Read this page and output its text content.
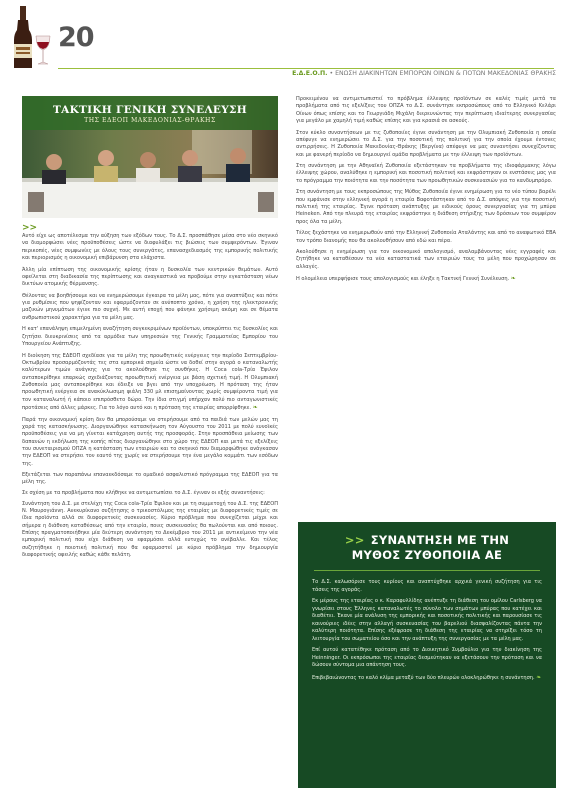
20
Ε.Δ.Ε.Ο.Π. • ΕΝΩΣΗ ΔΙΑΚΙΝΗΤΩΝ ΕΜΠΟΡΩΝ ΟΙΝΩΝ & ΠΟΤΩΝ ΜΑΚΕΔΟΝΙΑΣ ΘΡΑΚΗΣ
ΤΑΚΤΙΚΗ ΓΕΝΙΚΗ ΣΥΝΕΛΕΥΣΗ
ΤΗΣ ΕΔΕΟΠ ΜΑΚΕΔΟΝΙΑΣ-ΘΡΑΚΗΣ
>>

Αυτό είχε ως αποτέλεσμα την αύξηση των εξόδων τους. Το Δ.Σ. προσπάθησε μέσα στο νέο σκηνικό να διαμορφώσει νέες προϋποθέσεις ώστε να διαφυλάξει τις βιώσεις των συμφερόντων. Έγιναν περικοπές, νέες συμφωνίες με όλους τους συνεργάτες, επανασχεδιασμός της εμπορικής πολιτικής και περιορισμός η οικονομική επιβάρυνση στα ελάχιστα.

Άλλη μία επίπτωση της οικονομικής κρίσης ήταν η δυσκολία των κεντρικών θεμάτων. Αυτό οφείλεται στη διαδικασία της περίπτωσης και αναγκαστικά να προβούμε στην εγκατάσταση νέων δικτύων ατομικής θέρμανσης.

Θέλοντας να βοηθήσουμε και να ενημερώσουμε έγκαιρα τα μέλη μας, πότε για αναπτύξεις και πότε για ρυθμίσεις που ψηφίζονταν και εφαρμόζονταν σε ανύποπτο χρόνο, η χρήση της ηλεκτρονικής μαζικών μηνυμάτων έγινε πιο συχνή. Με αυτή εποχή που φάνηκε χρήσιμη ακόμη και σε θέματα ανθρωπιστικού χαρακτήρα για τα μέλη μας.

Η κατ' επανάληψη επιμελημένη αναζήτηση συγκεκριμένων προϊόντων, υποκρύπτει τις δυσκολίες και ζητήσει διευκρινίσεις από τα αρμόδια των υπηρεσιών της Γενικής Γραμματείας Εμπορίου του Υπουργείου Ανάπτυξης.

Η διοίκηση της ΕΔΕΟΠ σχεδίασε για τα μέλη της προωθητικές ενέργειες την περίοδο Σεπτεμβρίου-Οκτωβρίου προσαρμόζοντάς τες στα εμπορικά σημεία ώστε να δοθεί στην αγορά ο καταναλωτής καλύτερων τιμών ανάγκης για το ακολούθησε τις συνθήκες. Η Coca cola-Τρία Έψιλον ανταποκρίθηκε επαρκώς σχεδιάζοντας προωθητική ενέργεια με βάση σχετική τιμή. Η Ολυμπιακή Ζυθοποιία μας ανταποκρίθηκε και έδειξε να βγει από την υποχρέωση. Η πρόταση της ήταν προωθητική ενέργεια σε ανακύκλωσιμη φιάλη 330 μλ επισημαίνοντας χωρίς συμφέροντα τιμή για τον καταναλωτή ή κάποιο επιπρόσθετο δώρο. Την ίδια στιγμή υπήρχαν πολύ πιο ανταγωνιστικές προτάσεις από άλλες μάρκες. Για το λόγο αυτό και η πρόταση της εταιρίας απορρίφθηκε. ❧

Παρά την οικονομική κρίση δεν θα μπορούσαμε να στερήσουμε από τα παιδιά των μελών μας τη χαρά της κατασκήνωσης. Διοργανώθηκε κατασκήνωση τον Αύγουστο του 2011 με πολύ ευνοϊκές προϋποθέσεις για να μη γίνεται κατάχρηση αυτής της προσφοράς. Στην προσπάθεια μείωσης των δαπανών η εκδήλωση της κοπής πίτας διοργανώθηκε στο χώρο της ΕΔΕΟΠ και μετά τις εξελίξεις του συνεταιρισμού ΟΠΖΑ η κατάσταση των εταιριών και το σκηνικό που διαμορφώθηκε ανάγκασαν την ΕΔΕΟΠ να στερήσει τον εαυτό της χωρίς να στερήσουμε την ένα μεγάλο κομμάτι των εσόδων της.

Εξετάζεται των παραπάνω επαναεκδόσαμε το ομαδικό ασφαλιστικό πρόγραμμα της ΕΔΕΟΠ για τα μέλη της.

Σε σχέση με τα προβλήματα που κλήθηκε να αντιμετωπίσει το Δ.Σ. έγιναν οι εξής συναντήσεις:

Συνάντηση του Δ.Σ. με στελέχη της Coca cola-Τρία Έψιλον και με τη συμμετοχή του Δ.Σ. της ΕΔΕΟΠ Ν. Μαυρογιάννη. Ανεκυρίκανο συζήτησης ο τρικοστόλιμος της εταιρίας με διαφορετικές τιμές σε ίδια προϊόντα αλλά σε διαφορετικές συσκευασίες. Κύριο πρόβλημα που συνεχίζεται μέχρι και σήμερα η διάθεση καταθέσεως από την εταιρία, ποιες συσκευασίες θα πωλούνται και από ποιους. Επίσης πραγματοποιήθηκε μία δεύτερη συνάντηση το Δεκέμβριο του 2011 με αντικείμενο την νέα εμπορική πολιτική που είχε διάθεση να εφαρμόσει αλλά ευτυχώς το ανέβαλλε. Και τέλος συζητήθηκε η ποιοτική πολιτική που θα εφαρμοστεί με κύριο πρόβλημα την δημιουργία διαφορετικής οφειλής καθώς κάθε πελάτη.

Προκειμένου να αντιμετωπιστεί το πρόβλημα έλλειψης προϊόντων σε καλές τιμές μετά τα προβλήματα από τις εξελίξεις του ΟΠΖΑ το Δ.Σ. συνάντησε εκπροσώπους από το Ελληνικό Κελάρι Οίνων όπως επίσης και το Γεωργιάδη Μιχάλη διερευνώντας την περίπτωση ιδιαίτερης συνεργασίας για μεγάλο με χαμηλή τιμή καθώς επίσης και για κρασιά σε ασκούς.

Στον κύκλο συναντήσεων με τις ζυθοποιίες έγινε συνάντηση με την Ολυμπιακή Ζυθοποιία η οποία απέφυγε να ενημερώσει το Δ.Σ. για την ποσοτική της πολιτική για την οποία έχουμε έντονες αντιρρήσεις. Η Ζυθοποιία Μακεδονίας-Θράκης (Βεργίνα) απέφυγε να μας συναντήσει συνεχίζοντας και με φανερή περίοδο να δημιουργεί ομάδα προβλήματα με την έλλειψη των προϊόντων.

Στη συνάντηση με την Αθηναϊκή Ζυθοποιία εξετάστηκαν τα προβλήματα της ιδιοφάρμακης λόγω έλλειψης χώρου, αναλύθηκε η εμπορική και ποσοτική πολιτική και εκφράστηκαν οι ενστάσεις μας για το πρόγραμμα την ποιότητα και την ποσότητα των προωθητικών συσκευασιών για το κανδυμπρόρο.

Στη συνάντηση με τους εκπροσώπους της Μύθος Ζυθοποιία έγινε ενημέρωση για το νέο τύπου βαρέλι που εμφάνισε στην ελληνική αγορά η εταιρία Βαφοτάστηκαν από το Δ.Σ. απόψεις για την ποσοτική πολιτική της εταιρίας. Έγινε πρόταση ανάπτυξης με ειδικούς όρους συνεργασίας για τη μπύρα Heineken. Από την πλευρά της εταιρίας εκφράστηκε η διάθεση στήριξης των δρόσεων του συμφέρον πρoς όλα τα μέλη.

Τέλος ξεχάστηκε να ενημερωθούν από την Ελληνική Ζυθοποιία Αταλάντης και από το αναφωτικό ΕΒΑ τον τρόπο διανομής που θα ακολουθήσουν από εδώ και πέρα.

Ακολούθησε η ενημέρωση για τον οικονομικό απολογισμό, αναλαμβάνοντας νέες εγγραφές και ζητήθηκε να καταθέσουν τα νέα καταστατικά των εταιριών τους τα μέλη που προχώρησαν σε αλλαγές.

Η ολομέλεια υπερψήφισε τους απολογισμούς και έληξε η Τακτική Γενική Συνέλευση. ❧

>> ΣΥΝΑΝΤΗΣΗ ΜΕ ΤΗΝ
ΜΥΘΟΣ ΖΥΘΟΠΟΙΙΑ ΑΕ

Το Δ.Σ. καλωσόρισε τους κυρίους και αναπτύχθηκε αρχικά γενική συζήτηση για τις τάσεις της αγοράς.

Εκ μέρους της εταιρίας ο κ. Καραφυλλίδης ανέπτυξε τη διάθεση του ομίλου Carlsberg να γνωρίσει στους Έλληνες καταναλωτές το σύνολο των σημάτων μπύρας που κατέχει και διαθέτει. Έκανε μία ανάλυση της εμπορικής και ποσοτικής πολιτικής και παρουσίασε τις καινούριες ιδέες στην αλλαγή συσκευασίας του βαρελιού διασφαλίζοντας πάντα την καλύτερη ποιότητα. Επίσης εξέφρασε τη διάθεση της εταιρίας να στηρίξει τόσο τη λειτουργία του σωματείου όσο και την ανάπτυξη της συνεργασίας με τα μέλη μας.

Επί αυτού κατατέθηκε πρόταση από το Διοικητικό Συμβούλιο για την διακίνηση της Heinninger. Οι εκπρόσωποι της εταιρίας δεσμεύτηκαν να εξετάσουν την πρόταση και να δώσουν σύντομα μια απάντηση τους.

Επιβεβαιώνοντας το καλό κλίμα μεταξύ των δύο πλευρών ολοκληρώθηκε η συνάντηση. ❧
